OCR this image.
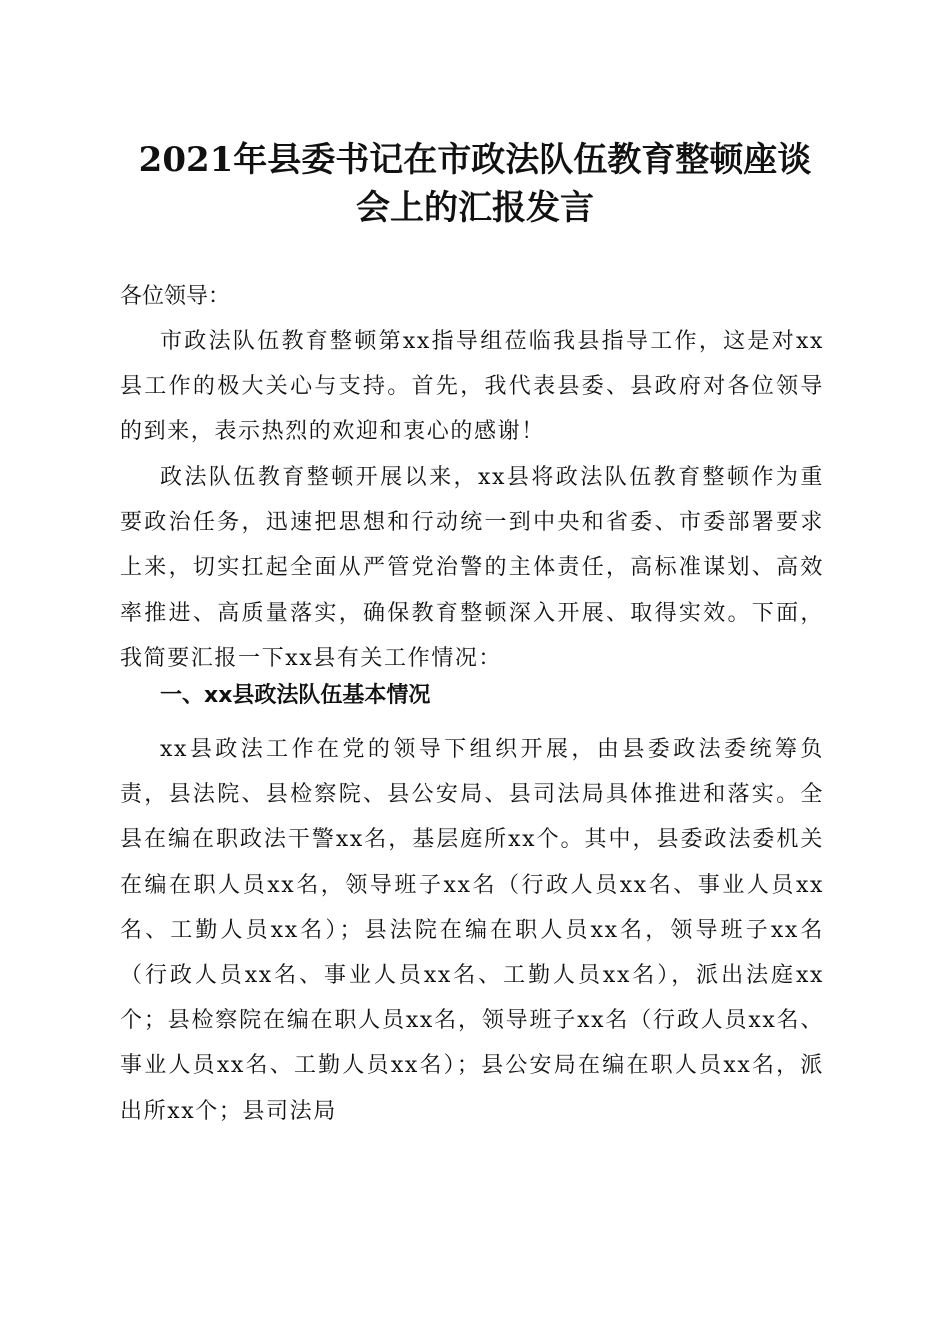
2021年县委书记在市政法队伍教育整顿座谈
会上的汇报发言

各位领导：

市政法队伍教育整顿第xx指导组莅临我县指导工作，这是对xx县工作的极大关心与支持。首先，我代表县委、县政府对各位领导的到来，表示热烈的欢迎和衷心的感谢！

政法队伍教育整顿开展以来，xx县将政法队伍教育整顿作为重要政治任务，迅速把思想和行动统一到中央和省委、市委部署要求上来，切实扛起全面从严管党治警的主体责任，高标准谋划、高效率推进、高质量落实，确保教育整顿深入开展、取得实效。下面，我简要汇报一下xx县有关工作情况：

一、xx县政法队伍基本情况

xx县政法工作在党的领导下组织开展，由县委政法委统筹负责，县法院、县检察院、县公安局、县司法局具体推进和落实。全县在编在职政法干警xx名，基层庭所xx个。其中，县委政法委机关在编在职人员xx名，领导班子xx名（行政人员xx名、事业人员xx名、工勤人员xx名）；县法院在编在职人员xx名，领导班子xx名（行政人员xx名、事业人员xx名、工勤人员xx名），派出法庭xx个；县检察院在编在职人员xx名，领导班子xx名（行政人员xx名、事业人员xx名、工勤人员xx名）；县公安局在编在职人员xx名，派出所xx个；县司法局
